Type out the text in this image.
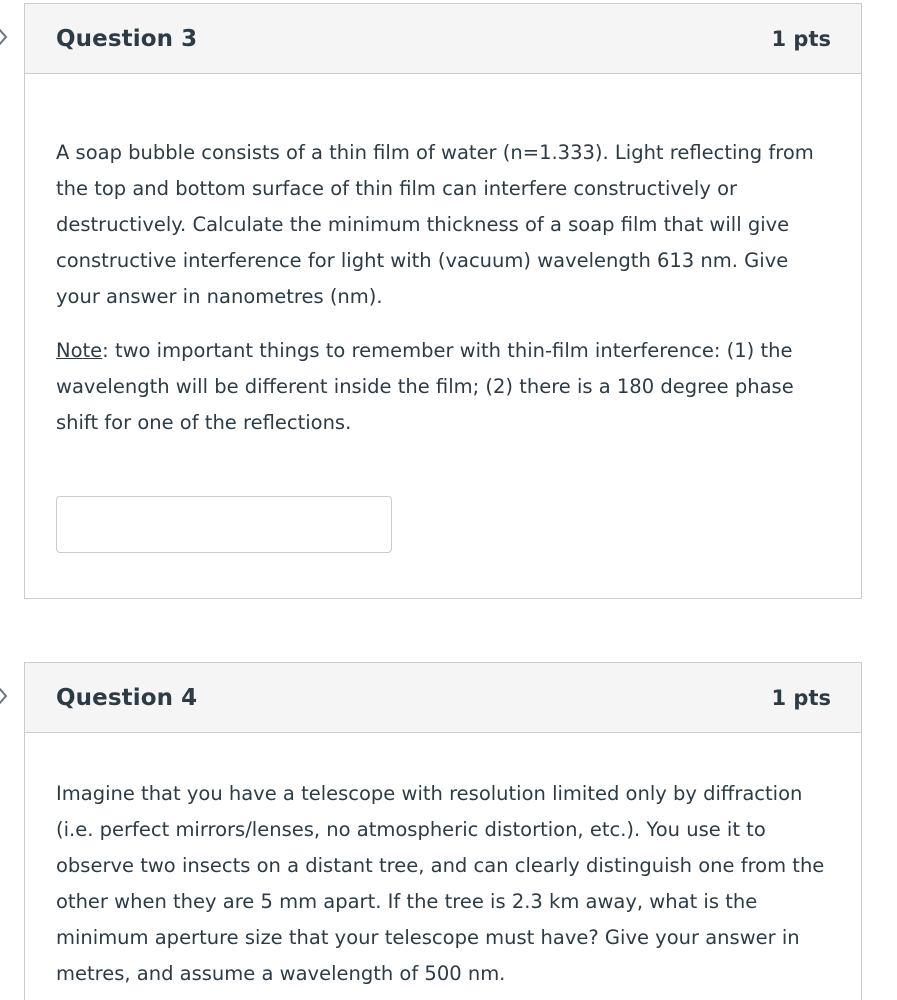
Question 3	1 pts

A soap bubble consists of a thin film of water (n=1.333). Light reflecting from the top and bottom surface of thin film can interfere constructively or destructively. Calculate the minimum thickness of a soap film that will give constructive interference for light with (vacuum) wavelength 613 nm. Give your answer in nanometres (nm).

Note: two important things to remember with thin-film interference: (1) the wavelength will be different inside the film; (2) there is a 180 degree phase shift for one of the reflections.

Question 4	1 pts

Imagine that you have a telescope with resolution limited only by diffraction (i.e. perfect mirrors/lenses, no atmospheric distortion, etc.). You use it to observe two insects on a distant tree, and can clearly distinguish one from the other when they are 5 mm apart. If the tree is 2.3 km away, what is the minimum aperture size that your telescope must have? Give your answer in metres, and assume a wavelength of 500 nm.
